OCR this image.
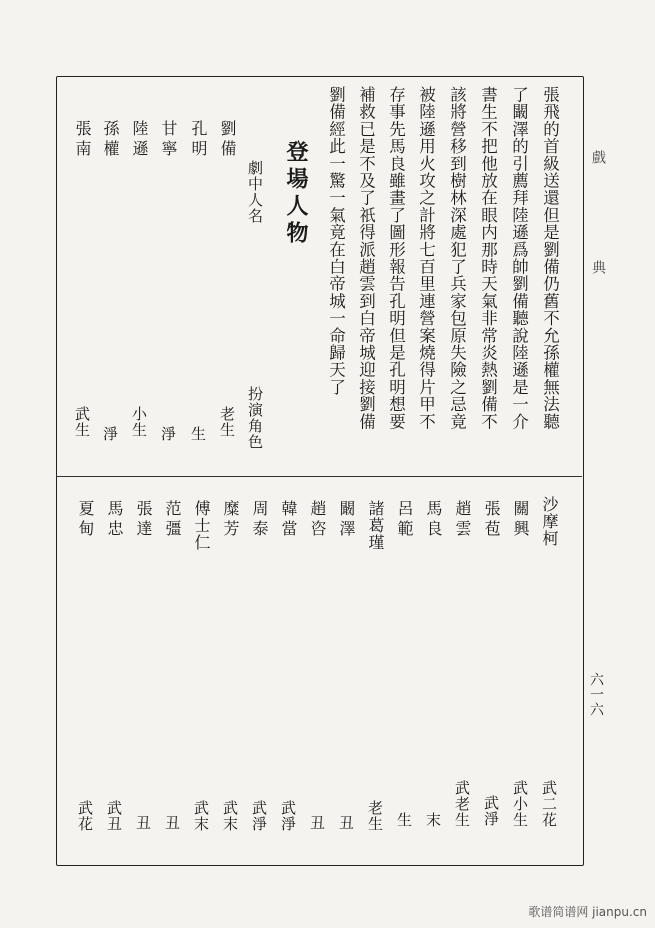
戲
典
六一六
張飛的首級送還但是劉備仍舊不允孫權無法聽
了闞澤的引薦拜陸遜爲帥劉備聽說陸遜是一介
書生不把他放在眼内那時天氣非常炎熱劉備不
該將營移到樹林深處犯了兵家包原失險之忌竟
被陸遜用火攻之計將七百里連營案燒得片甲不
存事先馬良雖畫了圖形報告孔明但是孔明想要
補救已是不及了祇得派趙雲到白帝城迎接劉備
劉備經此一驚一氣竟在白帝城一命歸天了
登場人物
劇中人名
扮演角色
劉備
老生
孔明
生
甘寧
淨
陸遜
小生
孫權
淨
張南
武生
沙摩柯
武二花
關興
武小生
張苞
武淨
趙雲
武老生
馬良
末
呂範
生
諸葛瑾
老生
闞澤
丑
趙咨
丑
韓當
武淨
周泰
武淨
糜芳
武末
傅士仁
武末
范彊
丑
張達
丑
馬忠
武丑
夏甸
武花
歌谱简谱网 jianpu.cn
